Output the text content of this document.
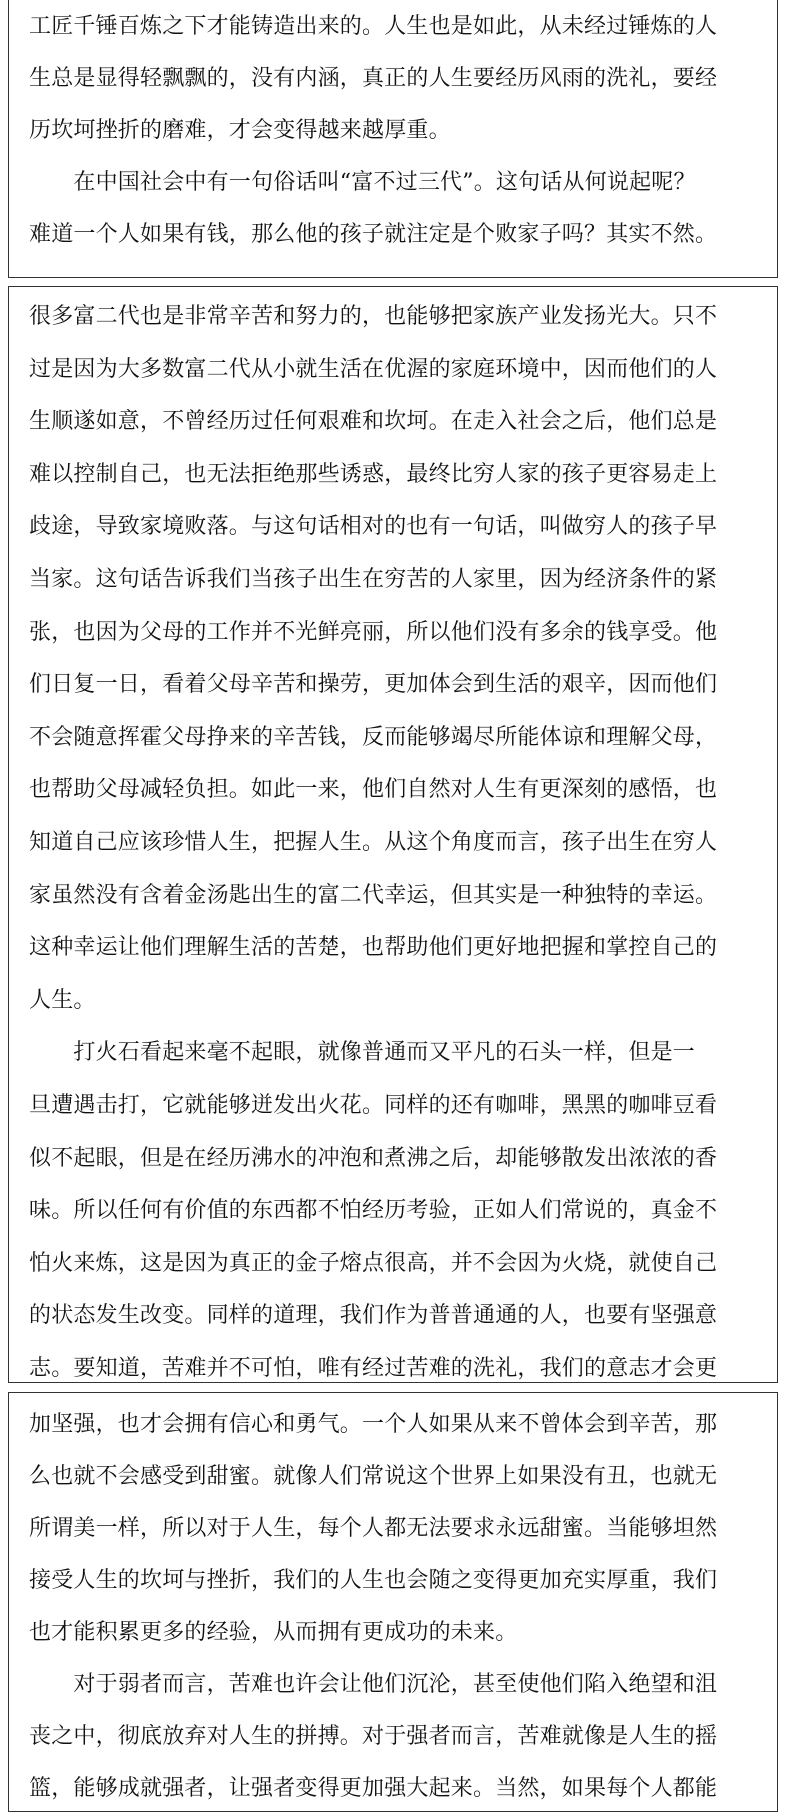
工匠千锤百炼之下才能铸造出来的。人生也是如此，从未经过锤炼的人
生总是显得轻飘飘的，没有内涵，真正的人生要经历风雨的洗礼，要经
历坎坷挫折的磨难，才会变得越来越厚重。
　　在中国社会中有一句俗话叫“富不过三代”。这句话从何说起呢？
难道一个人如果有钱，那么他的孩子就注定是个败家子吗？其实不然。
很多富二代也是非常辛苦和努力的，也能够把家族产业发扬光大。只不
过是因为大多数富二代从小就生活在优渥的家庭环境中，因而他们的人
生顺遂如意，不曾经历过任何艰难和坎坷。在走入社会之后，他们总是
难以控制自己，也无法拒绝那些诱惑，最终比穷人家的孩子更容易走上
歧途，导致家境败落。与这句话相对的也有一句话，叫做穷人的孩子早
当家。这句话告诉我们当孩子出生在穷苦的人家里，因为经济条件的紧
张，也因为父母的工作并不光鲜亮丽，所以他们没有多余的钱享受。他
们日复一日，看着父母辛苦和操劳，更加体会到生活的艰辛，因而他们
不会随意挥霍父母挣来的辛苦钱，反而能够竭尽所能体谅和理解父母，
也帮助父母减轻负担。如此一来，他们自然对人生有更深刻的感悟，也
知道自己应该珍惜人生，把握人生。从这个角度而言，孩子出生在穷人
家虽然没有含着金汤匙出生的富二代幸运，但其实是一种独特的幸运。
这种幸运让他们理解生活的苦楚，也帮助他们更好地把握和掌控自己的
人生。
　　打火石看起来毫不起眼，就像普通而又平凡的石头一样，但是一
旦遭遇击打，它就能够迸发出火花。同样的还有咖啡，黑黑的咖啡豆看
似不起眼，但是在经历沸水的冲泡和煮沸之后，却能够散发出浓浓的香
味。所以任何有价值的东西都不怕经历考验，正如人们常说的，真金不
怕火来炼，这是因为真正的金子熔点很高，并不会因为火烧，就使自己
的状态发生改变。同样的道理，我们作为普普通通的人，也要有坚强意
志。要知道，苦难并不可怕，唯有经过苦难的洗礼，我们的意志才会更
加坚强，也才会拥有信心和勇气。一个人如果从来不曾体会到辛苦，那
么也就不会感受到甜蜜。就像人们常说这个世界上如果没有丑，也就无
所谓美一样，所以对于人生，每个人都无法要求永远甜蜜。当能够坦然
接受人生的坎坷与挫折，我们的人生也会随之变得更加充实厚重，我们
也才能积累更多的经验，从而拥有更成功的未来。
　　对于弱者而言，苦难也许会让他们沉沦，甚至使他们陷入绝望和沮
丧之中，彻底放弃对人生的拼搏。对于强者而言，苦难就像是人生的摇
篮，能够成就强者，让强者变得更加强大起来。当然，如果每个人都能
